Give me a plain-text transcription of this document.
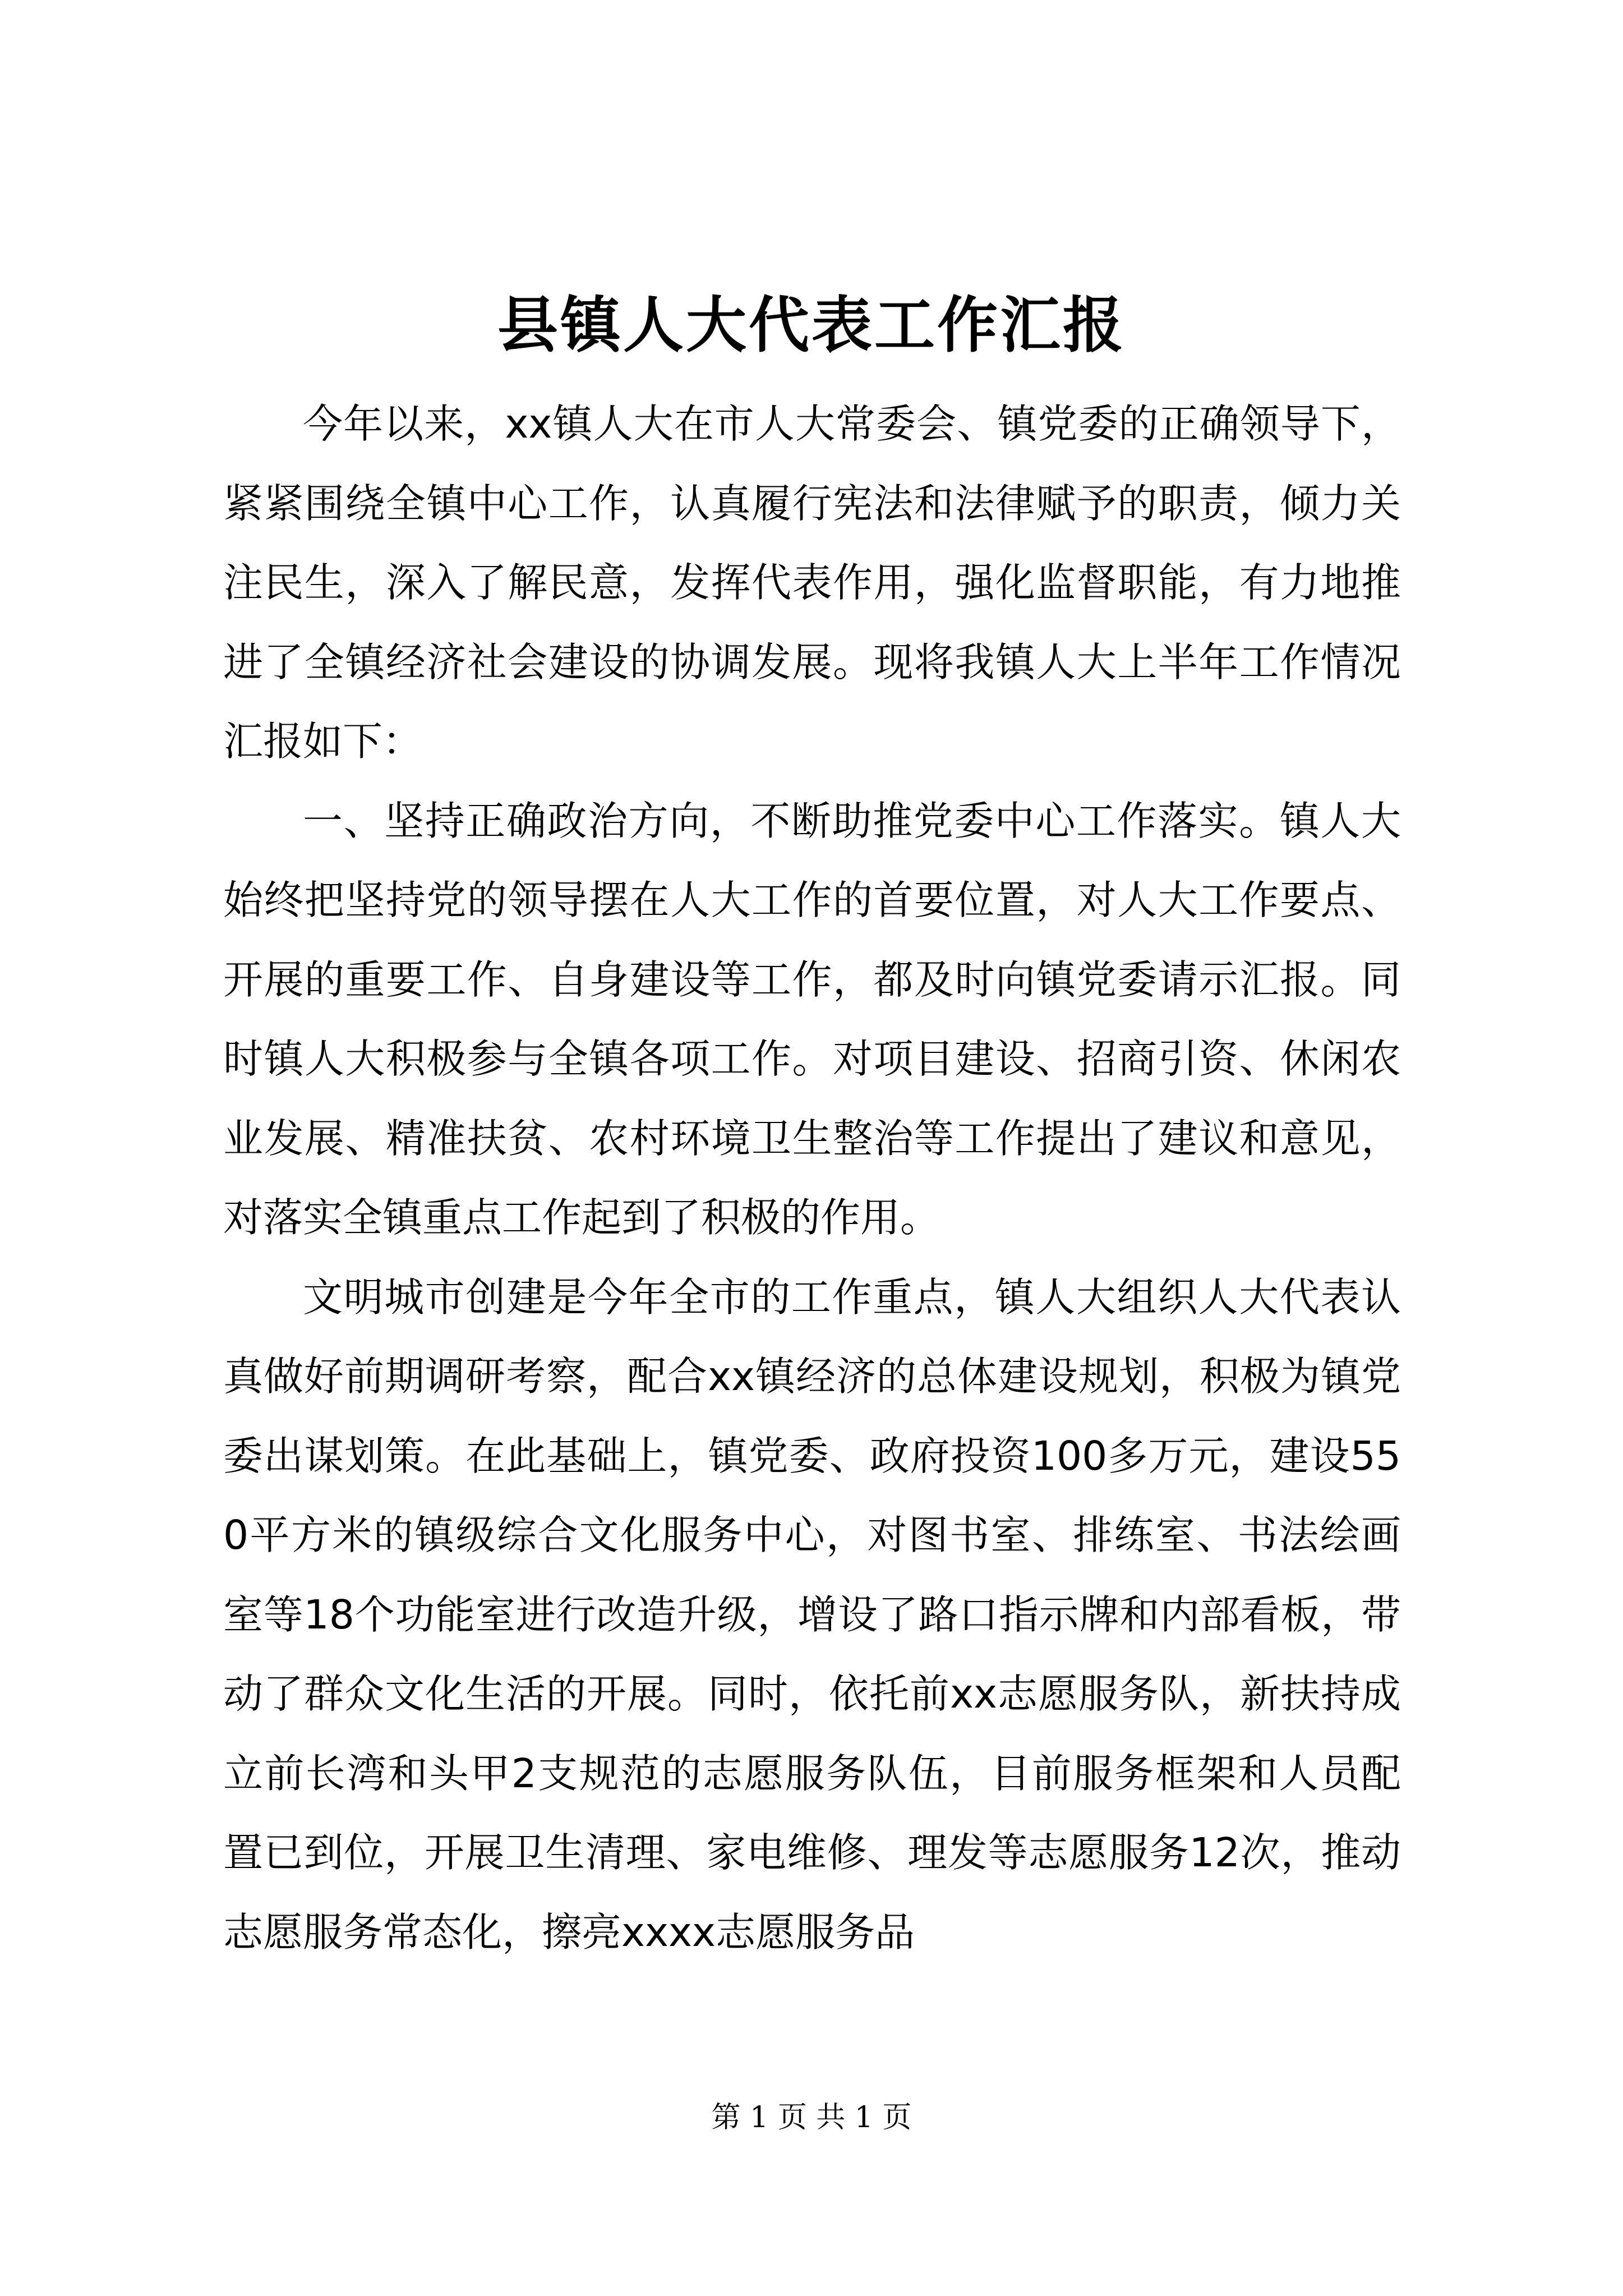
县镇人大代表工作汇报

今年以来，xx镇人大在市人大常委会、镇党委的正确领导下，紧紧围绕全镇中心工作，认真履行宪法和法律赋予的职责，倾力关注民生，深入了解民意，发挥代表作用，强化监督职能，有力地推进了全镇经济社会建设的协调发展。现将我镇人大上半年工作情况汇报如下：

一、坚持正确政治方向，不断助推党委中心工作落实。镇人大始终把坚持党的领导摆在人大工作的首要位置，对人大工作要点、开展的重要工作、自身建设等工作，都及时向镇党委请示汇报。同时镇人大积极参与全镇各项工作。对项目建设、招商引资、休闲农业发展、精准扶贫、农村环境卫生整治等工作提出了建议和意见，对落实全镇重点工作起到了积极的作用。

文明城市创建是今年全市的工作重点，镇人大组织人大代表认真做好前期调研考察，配合xx镇经济的总体建设规划，积极为镇党委出谋划策。在此基础上，镇党委、政府投资100多万元，建设550平方米的镇级综合文化服务中心，对图书室、排练室、书法绘画室等18个功能室进行改造升级，增设了路口指示牌和内部看板，带动了群众文化生活的开展。同时，依托前xx志愿服务队，新扶持成立前长湾和头甲2支规范的志愿服务队伍，目前服务框架和人员配置已到位，开展卫生清理、家电维修、理发等志愿服务12次，推动志愿服务常态化，擦亮xxxx志愿服务品

第 1 页 共 1 页
